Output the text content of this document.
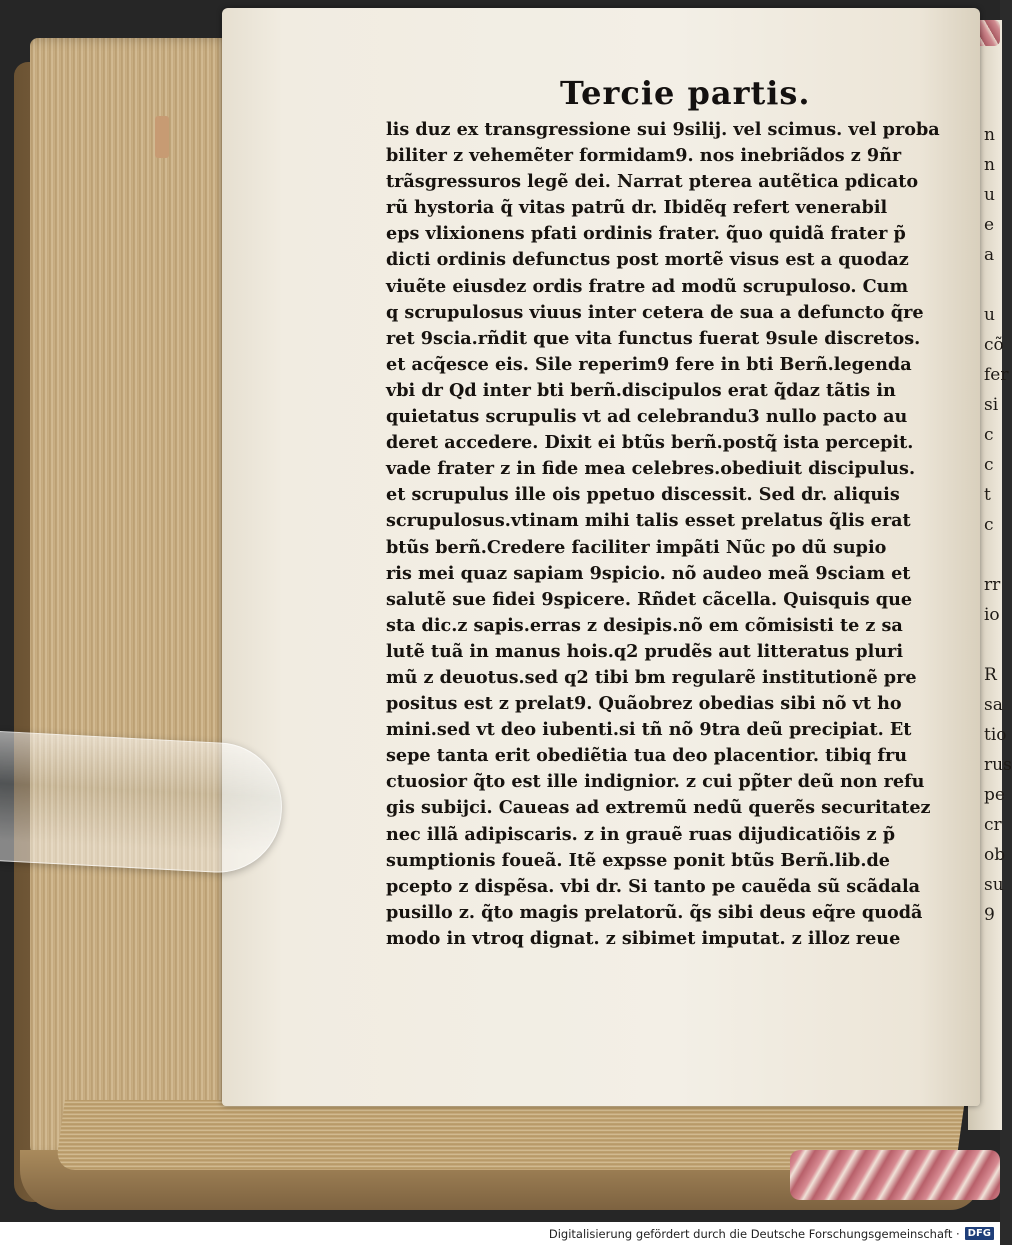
n
n
u
e
a

u
cõ
fer
si
c
c
t
c

rr
io

R
sa
tio
rus
pe
cr
ob
su
9
Tercie partis.
lis duz ex transgressione sui 9silij. vel scimus. vel proba
biliter z vehemẽter formidam9. nos inebriãdos z 9ñr
trãsgressuros legẽ dei. Narrat pterea autẽtica pdicato
rũ hystoria q̃ vitas patrũ dr. Ibidẽq refert venerabil
eps vlixionens pfati ordinis frater. q̃uo quidã frater p̃
dicti ordinis defunctus post mortẽ visus est a quodaz
viuẽte eiusdez ordis fratre ad modũ scrupuloso. Cum
q scrupulosus viuus inter cetera de sua a defuncto q̃re
ret 9scia.rñdit que vita functus fuerat 9sule discretos.
et acq̃esce eis. Sile reperim9 fere in bti Berñ.legenda
vbi dr Qd inter bti berñ.discipulos erat q̃daz tãtis in
quietatus scrupulis vt ad celebrandu3 nullo pacto au
deret accedere. Dixit ei btũs berñ.postq̃ ista percepit.
vade frater z in fide mea celebres.obediuit discipulus.
et scrupulus ille ois ppetuo discessit. Sed dr. aliquis
scrupulosus.vtinam mihi talis esset prelatus q̃lis erat
btũs berñ.Credere faciliter impãti Nũc po dũ supio
ris mei quaz sapiam 9spicio. nõ audeo meã 9sciam et
salutẽ sue fidei 9spicere. Rñdet cãcella. Quisquis que
sta dic.z sapis.erras z desipis.nõ em cõmisisti te z sa
lutẽ tuã in manus hois.q2 prudẽs aut litteratus pluri
mũ z deuotus.sed q2 tibi bm regularẽ institutionẽ pre
positus est z prelat9. Quãobrez obedias sibi nõ vt ho
mini.sed vt deo iubenti.si tñ nõ 9tra deũ precipiat. Et
sepe tanta erit obediẽtia tua deo placentior. tibiq fru
ctuosior q̃to est ille indignior. z cui pp̃ter deũ non refu
gis subijci. Caueas ad extremũ nedũ querẽs securitatez
nec illã adipiscaris. z in grauẽ ruas dijudicatiõis z p̃
sumptionis foueã. Itẽ expsse ponit btũs Berñ.lib.de
pcepto z dispẽsa. vbi dr. Si tanto pe cauẽda sũ scãdala
pusillo z. q̃to magis prelatorũ. q̃s sibi deus eq̃re quodã
modo in vtroq dignat. z sibimet imputat. z illoz reue
Digitalisierung gefördert durch die Deutsche Forschungsgemeinschaft · DFG
